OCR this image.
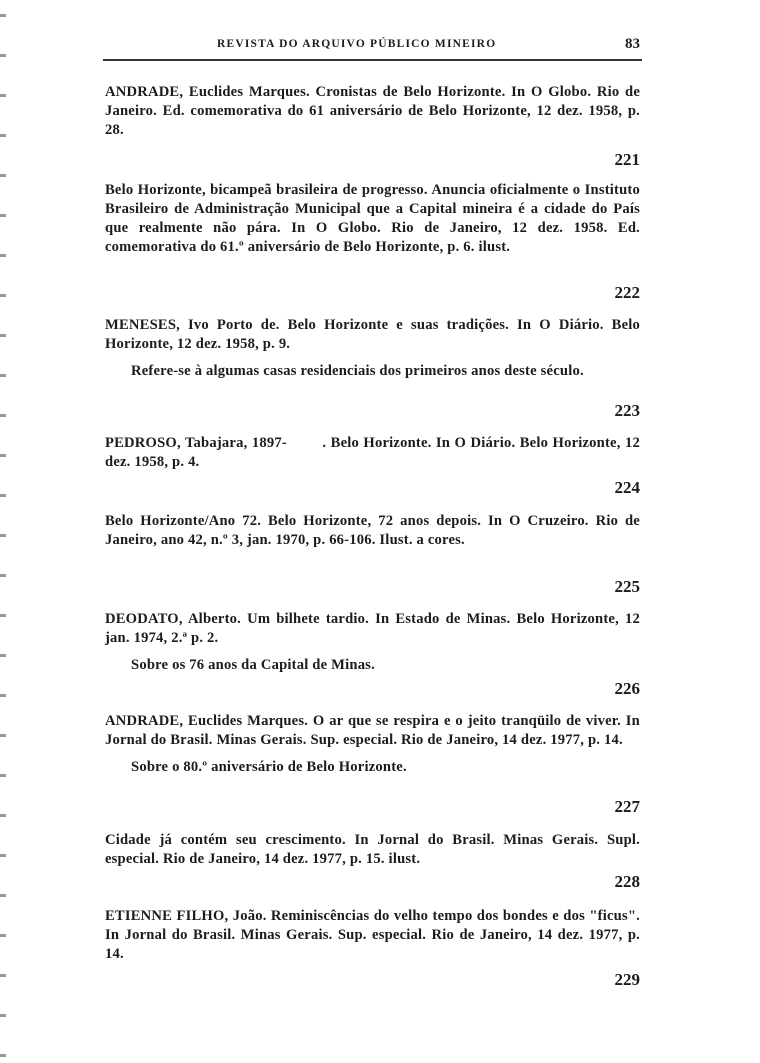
REVISTA DO ARQUIVO PÚBLICO MINEIRO	83
ANDRADE, Euclides Marques. Cronistas de Belo Horizonte. In O Globo. Rio de Janeiro. Ed. comemorativa do 61 aniversário de Belo Horizonte, 12 dez. 1958, p. 28.
221
Belo Horizonte, bicampeã brasileira de progresso. Anuncia oficialmente o Instituto Brasileiro de Administração Municipal que a Capital mineira é a cidade do País que realmente não pára. In O Globo. Rio de Janeiro, 12 dez. 1958. Ed. comemorativa do 61.º aniversário de Belo Horizonte, p. 6. ilust.
222
MENESES, Ivo Porto de. Belo Horizonte e suas tradições. In O Diário. Belo Horizonte, 12 dez. 1958, p. 9.
Refere-se à algumas casas residenciais dos primeiros anos deste século.
223
PEDROSO, Tabajara, 1897-        . Belo Horizonte. In O Diário. Belo Horizonte, 12 dez. 1958, p. 4.
224
Belo Horizonte/Ano 72. Belo Horizonte, 72 anos depois. In O Cruzeiro. Rio de Janeiro, ano 42, n.º 3, jan. 1970, p. 66-106. Ilust. a cores.
225
DEODATO, Alberto. Um bilhete tardio. In Estado de Minas. Belo Horizonte, 12 jan. 1974, 2.ª p. 2.
Sobre os 76 anos da Capital de Minas.
226
ANDRADE, Euclides Marques. O ar que se respira e o jeito tranqüilo de viver. In Jornal do Brasil. Minas Gerais. Sup. especial. Rio de Janeiro, 14 dez. 1977, p. 14.
Sobre o 80.º aniversário de Belo Horizonte.
227
Cidade já contém seu crescimento. In Jornal do Brasil. Minas Gerais. Supl. especial. Rio de Janeiro, 14 dez. 1977, p. 15. ilust.
228
ETIENNE FILHO, João. Reminiscências do velho tempo dos bondes e dos "ficus". In Jornal do Brasil. Minas Gerais. Sup. especial. Rio de Janeiro, 14 dez. 1977, p. 14.
229
